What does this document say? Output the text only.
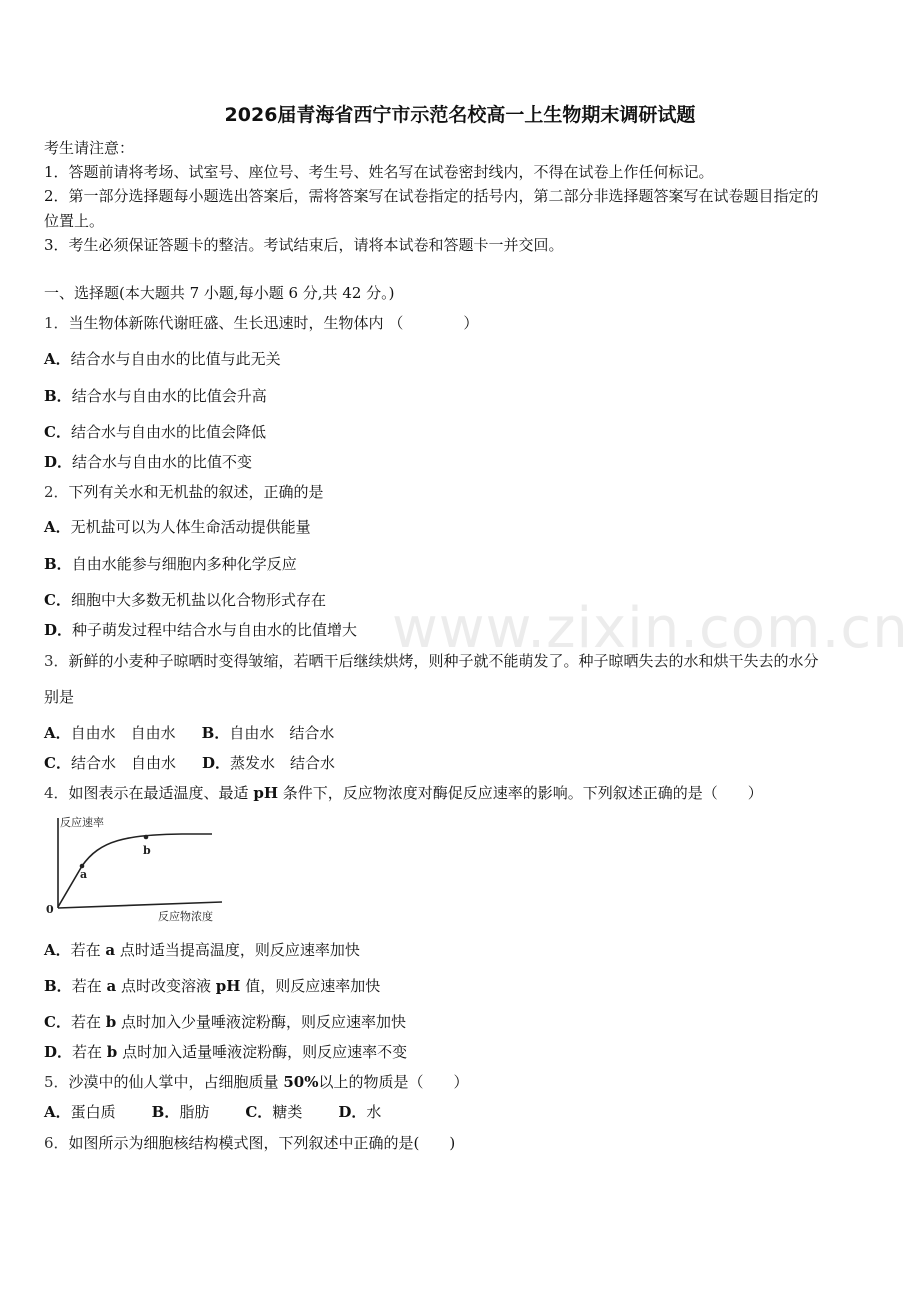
www.zixin.com.cn
2026届青海省西宁市示范名校高一上生物期末调研试题
考生请注意：
1．答题前请将考场、试室号、座位号、考生号、姓名写在试卷密封线内，不得在试卷上作任何标记。
2．第一部分选择题每小题选出答案后，需将答案写在试卷指定的括号内，第二部分非选择题答案写在试卷题目指定的
位置上。
3．考生必须保证答题卡的整洁。考试结束后，请将本试卷和答题卡一并交回。
一、选择题(本大题共 7 小题,每小题 6 分,共 42 分。)
1．当生物体新陈代谢旺盛、生长迅速时，生物体内 （　　　　）
A．结合水与自由水的比值与此无关
B．结合水与自由水的比值会升高
C．结合水与自由水的比值会降低
D．结合水与自由水的比值不变
2．下列有关水和无机盐的叙述，正确的是
A．无机盐可以为人体生命活动提供能量
B．自由水能参与细胞内多种化学反应
C．细胞中大多数无机盐以化合物形式存在
D．种子萌发过程中结合水与自由水的比值增大
3．新鲜的小麦种子晾晒时变得皱缩，若晒干后继续烘烤，则种子就不能萌发了。种子晾晒失去的水和烘干失去的水分
别是
A．自由水　自由水 B．自由水　结合水
C．结合水　自由水 D．蒸发水　结合水
4．如图表示在最适温度、最适 pH 条件下，反应物浓度对酶促反应速率的影响。下列叙述正确的是（　　）
反应速率
反应物浓度
0
a
b
A．若在 a 点时适当提高温度，则反应速率加快
B．若在 a 点时改变溶液 pH 值，则反应速率加快
C．若在 b 点时加入少量唾液淀粉酶，则反应速率加快
D．若在 b 点时加入适量唾液淀粉酶，则反应速率不变
5．沙漠中的仙人掌中，占细胞质量 50%以上的物质是（　　）
A．蛋白质 B．脂肪 C．糖类 D．水
6．如图所示为细胞核结构模式图，下列叙述中正确的是(　　)
